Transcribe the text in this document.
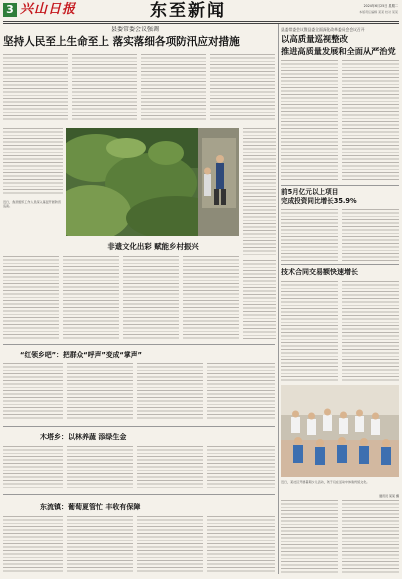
3 兴山日报	东至新闻	2024年6月25日 星期二
本版责任编辑 某某 校对 某某
县委常委会议强调
坚持人民至上生命至上 落实落细各项防汛应对措施
县委常委会议暨县委全面深化改革委员会会议召开
以高质量巡视整改
推进高质量发展和全面从严治党
近日，我县组织工作人员深入基层开展防汛巡查。
非遗文化出彩 赋能乡村振兴
“红领乡吧”：把群众“呼声”变成“掌声”
木塔乡：以林养蔬 添绿生金
东流镇：葡萄夏管忙 丰收有保障
前5月亿元以上项目
完成投资同比增长35.9%
技术合同交易额快速增长
近日，某社区开展暑期少儿活动，孩子们在活动中体验传统文化。
通讯员 某某 摄
